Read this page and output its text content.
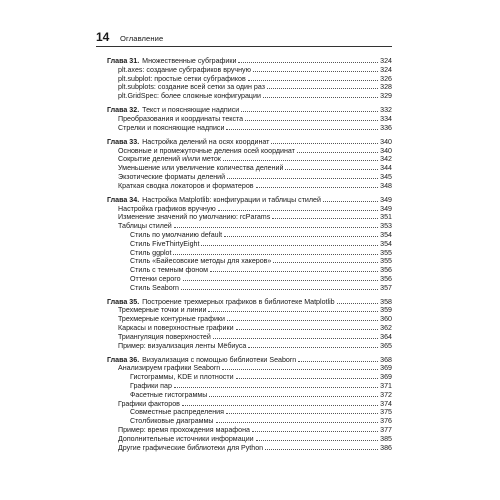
14	Оглавление
Глава 31. Множественные субграфики	324
plt.axes: создание субграфиков вручную	324
plt.subplot: простые сетки субграфиков	326
plt.subplots: создание всей сетки за один раз	328
plt.GridSpec: более сложные конфигурации	329
Глава 32. Текст и поясняющие надписи	332
Преобразования и координаты текста	334
Стрелки и поясняющие надписи	336
Глава 33. Настройка делений на осях координат	340
Основные и промежуточные деления осей координат	340
Сокрытие делений и/или меток	342
Уменьшение или увеличение количества делений	344
Экзотические форматы делений	345
Краткая сводка локаторов и форматеров	348
Глава 34. Настройка Matplotlib: конфигурации и таблицы стилей	349
Настройка графиков вручную	349
Изменение значений по умолчанию: rcParams	351
Таблицы стилей	353
Стиль по умолчанию default	354
Стиль FiveThirtyEight	354
Стиль ggplot	355
Стиль «Байесовские методы для хакеров»	355
Стиль с темным фоном	356
Оттенки серого	356
Стиль Seaborn	357
Глава 35. Построение трехмерных графиков в библиотеке Matplotlib	358
Трехмерные точки и линии	359
Трехмерные контурные графики	360
Каркасы и поверхностные графики	362
Триангуляция поверхностей	364
Пример: визуализация ленты Мёбиуса	365
Глава 36. Визуализация с помощью библиотеки Seaborn	368
Анализируем графики Seaborn	369
Гистограммы, KDE и плотности	369
Графики пар	371
Фасетные гистограммы	372
Графики факторов	374
Совместные распределения	375
Столбиковые диаграммы	376
Пример: время прохождения марафона	377
Дополнительные источники информации	385
Другие графические библиотеки для Python	386
